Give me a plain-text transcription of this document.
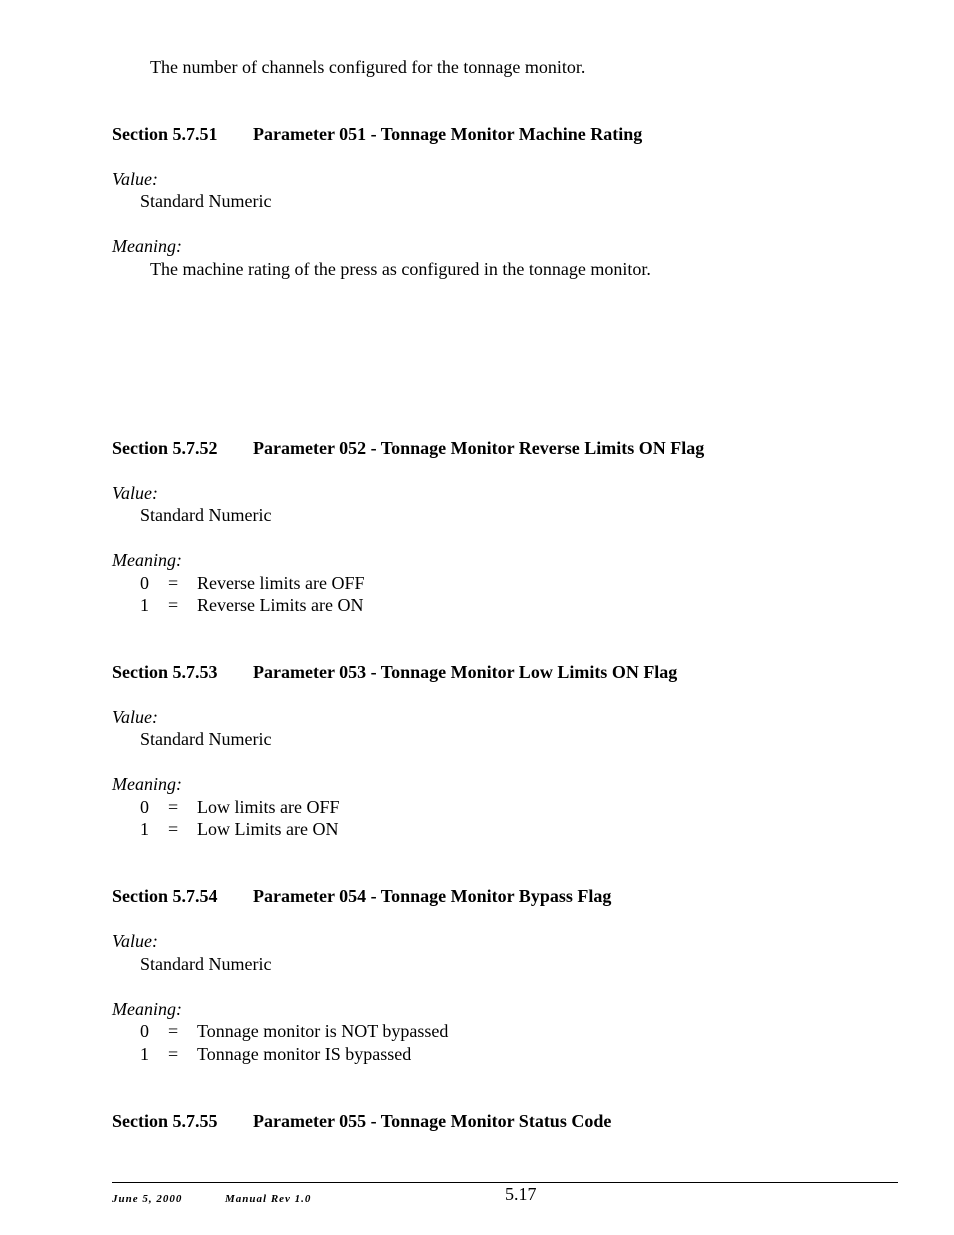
The number of channels configured for the tonnage monitor.
Section 5.7.51 Parameter 051 - Tonnage Monitor Machine Rating
Value:
Standard Numeric
Meaning:
The machine rating of the press as configured in the tonnage monitor.
Section 5.7.52 Parameter 052 - Tonnage Monitor Reverse Limits ON Flag
Value:
Standard Numeric
Meaning:
0 = Reverse limits are OFF
1 = Reverse Limits are ON
Section 5.7.53 Parameter 053 - Tonnage Monitor Low Limits ON Flag
Value:
Standard Numeric
Meaning:
0 = Low limits are OFF
1 = Low Limits are ON
Section 5.7.54 Parameter 054 - Tonnage Monitor Bypass Flag
Value:
Standard Numeric
Meaning:
0 = Tonnage monitor is NOT bypassed
1 = Tonnage monitor IS bypassed
Section 5.7.55 Parameter 055 - Tonnage Monitor Status Code
June 5, 2000	Manual Rev 1.0	5.17
